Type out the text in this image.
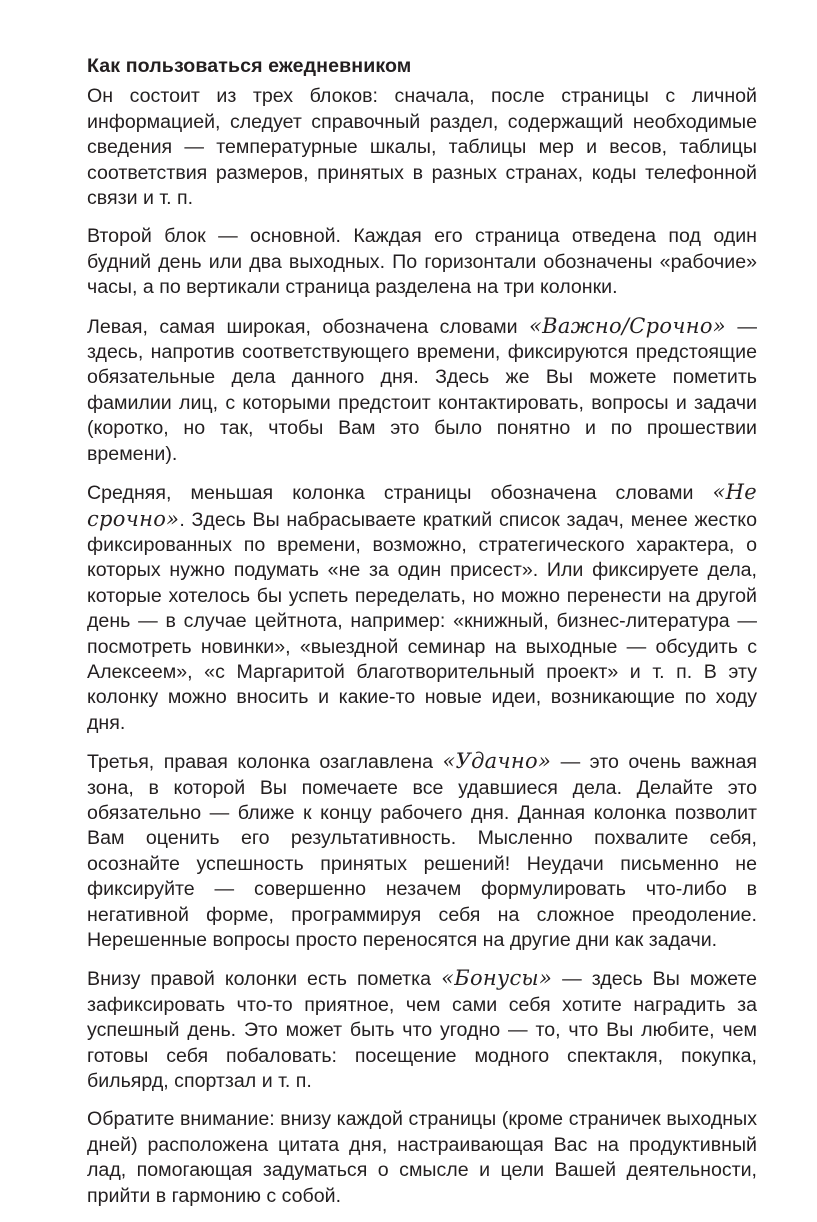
Как пользоваться ежедневником

Он состоит из трех блоков: сначала, после страницы с личной информацией, следует справочный раздел, содержащий необходимые сведения — температурные шкалы, таблицы мер и весов, таблицы соответствия размеров, принятых в разных странах, коды телефонной связи и т. п.

Второй блок — основной. Каждая его страница отведена под один будний день или два выходных. По горизонтали обозначены «рабочие» часы, а по вертикали страница разделена на три колонки.

Левая, самая широкая, обозначена словами «Важно/Срочно» — здесь, напротив соответствующего времени, фиксируются предстоящие обязательные дела данного дня. Здесь же Вы можете пометить фамилии лиц, с которыми предстоит контактировать, вопросы и задачи (коротко, но так, чтобы Вам это было понятно и по прошествии времени).

Средняя, меньшая колонка страницы обозначена словами «Не срочно». Здесь Вы набрасываете краткий список задач, менее жестко фиксированных по времени, возможно, стратегического характера, о которых нужно подумать «не за один присест». Или фиксируете дела, которые хотелось бы успеть переделать, но можно перенести на другой день — в случае цейтнота, например: «книжный, бизнес-литература — посмотреть новинки», «выездной семинар на выходные — обсудить с Алексеем», «с Маргаритой благотворительный проект» и т. п. В эту колонку можно вносить и какие-то новые идеи, возникающие по ходу дня.

Третья, правая колонка озаглавлена «Удачно» — это очень важная зона, в которой Вы помечаете все удавшиеся дела. Делайте это обязательно — ближе к концу рабочего дня. Данная колонка позволит Вам оценить его результативность. Мысленно похвалите себя, осознайте успешность принятых решений! Неудачи письменно не фиксируйте — совершенно незачем формулировать что-либо в негативной форме, программируя себя на сложное преодоление. Нерешенные вопросы просто переносятся на другие дни как задачи.

Внизу правой колонки есть пометка «Бонусы» — здесь Вы можете зафиксировать что-то приятное, чем сами себя хотите наградить за успешный день. Это может быть что угодно — то, что Вы любите, чем готовы себя побаловать: посещение модного спектакля, покупка, бильярд, спортзал и т. п.

Обратите внимание: внизу каждой страницы (кроме страничек выходных дней) расположена цитата дня, настраивающая Вас на продуктивный лад, помогающая задуматься о смысле и цели Вашей деятельности, прийти в гармонию с собой.
